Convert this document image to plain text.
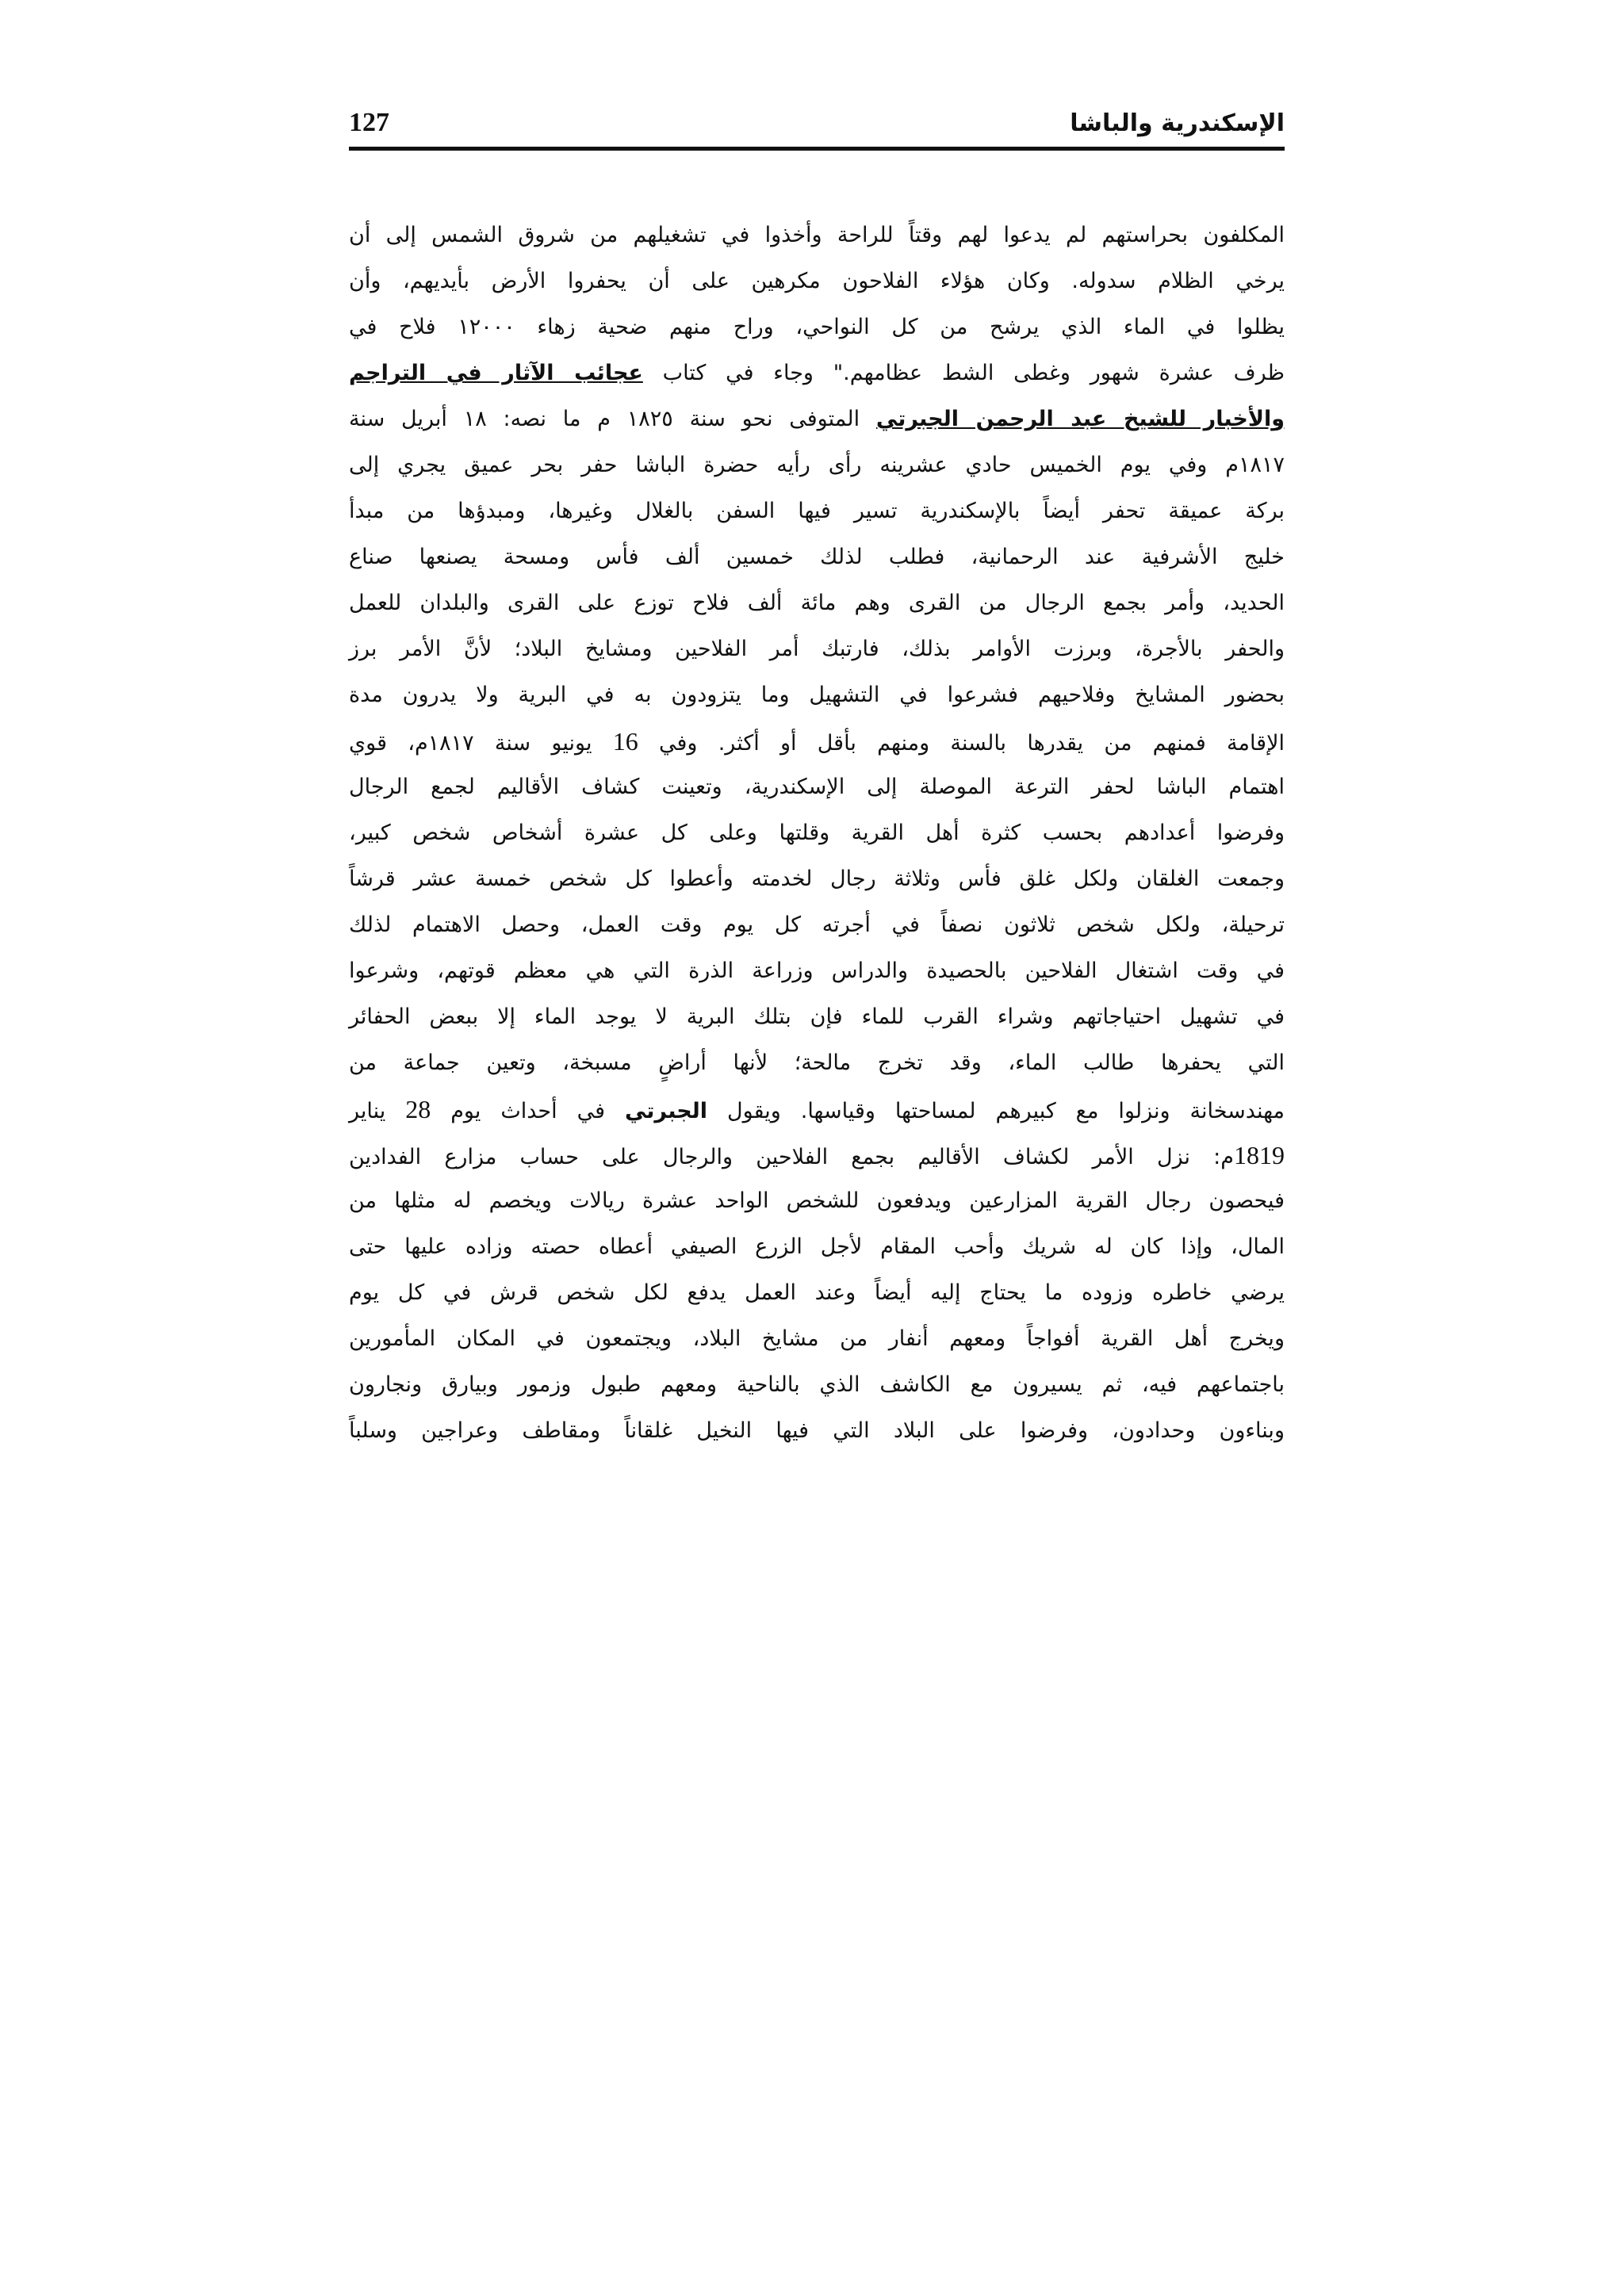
الإسكندرية والباشا
127
المكلفون بحراستهم لم يدعوا لهم وقتاً للراحة وأخذوا في تشغيلهم من شروق الشمس إلى أن
يرخي الظلام سدوله. وكان هؤلاء الفلاحون مكرهين على أن يحفروا الأرض بأيديهم، وأن
يظلوا في الماء الذي يرشح من كل النواحي، وراح منهم ضحية زهاء ١٢٠٠٠ فلاح في
ظرف عشرة شهور وغطى الشط عظامهم." وجاء في كتاب عجائب الآثار في التراجم
والأخبار للشيخ عبد الرحمن الجبرتي المتوفى نحو سنة ١٨٢٥ م ما نصه: ١٨ أبريل سنة
١٨١٧م وفي يوم الخميس حادي عشرينه رأى رأيه حضرة الباشا حفر بحر عميق يجري إلى
بركة عميقة تحفر أيضاً بالإسكندرية تسير فيها السفن بالغلال وغيرها، ومبدؤها من مبدأ
خليج الأشرفية عند الرحمانية، فطلب لذلك خمسين ألف فأس ومسحة يصنعها صناع
الحديد، وأمر بجمع الرجال من القرى وهم مائة ألف فلاح توزع على القرى والبلدان للعمل
والحفر بالأجرة، وبرزت الأوامر بذلك، فارتبك أمر الفلاحين ومشايخ البلاد؛ لأنَّ الأمر برز
بحضور المشايخ وفلاحيهم فشرعوا في التشهيل وما يتزودون به في البرية ولا يدرون مدة
الإقامة فمنهم من يقدرها بالسنة ومنهم بأقل أو أكثر. وفي 16 يونيو سنة ١٨١٧م، قوي
اهتمام الباشا لحفر الترعة الموصلة إلى الإسكندرية، وتعينت كشاف الأقاليم لجمع الرجال
وفرضوا أعدادهم بحسب كثرة أهل القرية وقلتها وعلى كل عشرة أشخاص شخص كبير،
وجمعت الغلقان ولكل غلق فأس وثلاثة رجال لخدمته وأعطوا كل شخص خمسة عشر قرشاً
ترحيلة، ولكل شخص ثلاثون نصفاً في أجرته كل يوم وقت العمل، وحصل الاهتمام لذلك
في وقت اشتغال الفلاحين بالحصيدة والدراس وزراعة الذرة التي هي معظم قوتهم، وشرعوا
في تشهيل احتياجاتهم وشراء القرب للماء فإن بتلك البرية لا يوجد الماء إلا ببعض الحفائر
التي يحفرها طالب الماء، وقد تخرج مالحة؛ لأنها أراضٍ مسبخة، وتعين جماعة من
مهندسخانة ونزلوا مع كبيرهم لمساحتها وقياسها. ويقول الجبرتي في أحداث يوم 28 يناير
1819م: نزل الأمر لكشاف الأقاليم بجمع الفلاحين والرجال على حساب مزارع الفدادين
فيحصون رجال القرية المزارعين ويدفعون للشخص الواحد عشرة ريالات ويخصم له مثلها من
المال، وإذا كان له شريك وأحب المقام لأجل الزرع الصيفي أعطاه حصته وزاده عليها حتى
يرضي خاطره وزوده ما يحتاج إليه أيضاً وعند العمل يدفع لكل شخص قرش في كل يوم
ويخرج أهل القرية أفواجاً ومعهم أنفار من مشايخ البلاد، ويجتمعون في المكان المأمورين
باجتماعهم فيه، ثم يسيرون مع الكاشف الذي بالناحية ومعهم طبول وزمور وبيارق ونجارون
وبناءون وحدادون، وفرضوا على البلاد التي فيها النخيل غلقاناً ومقاطف وعراجين وسلباً
